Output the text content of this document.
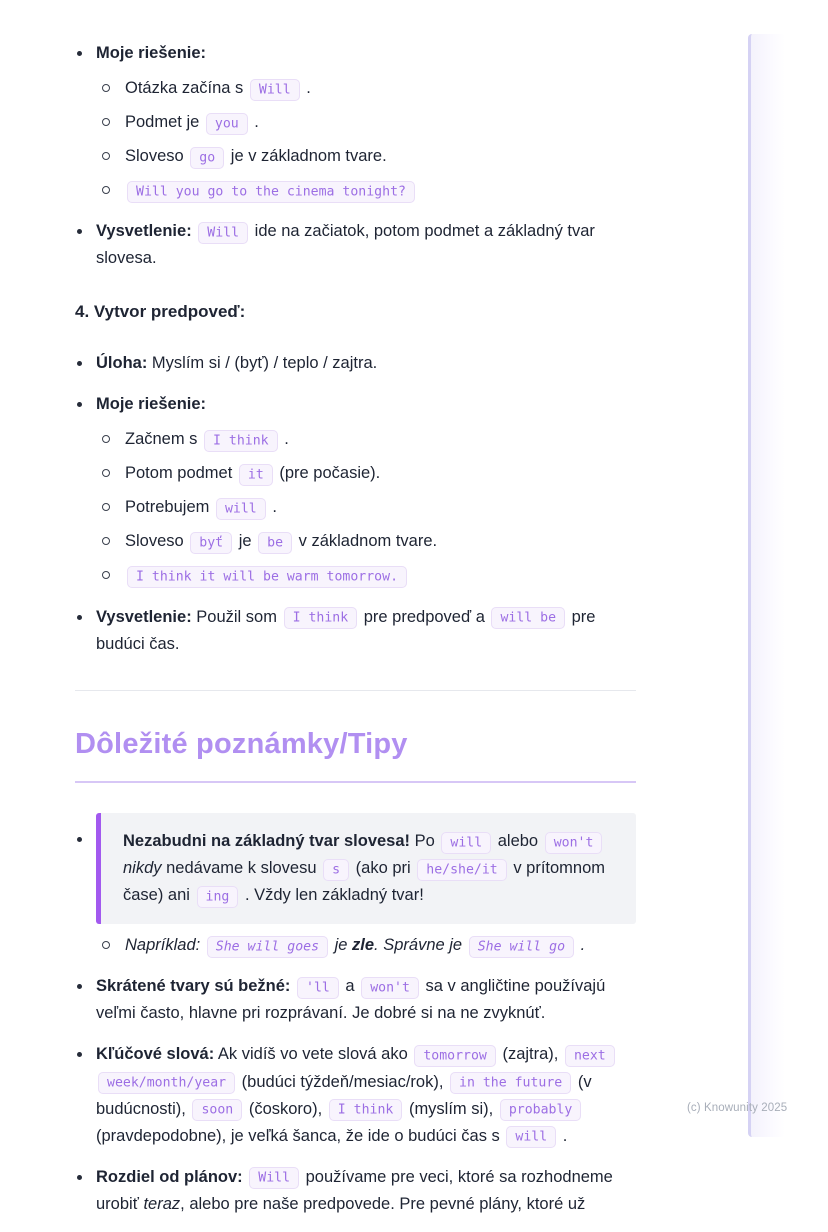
Moje riešenie:
Otázka začína s Will .
Podmet je you .
Sloveso go je v základnom tvare.
Will you go to the cinema tonight?
Vysvetlenie: Will ide na začiatok, potom podmet a základný tvar slovesa.
4. Vytvor predpoveď:
Úloha: Myslím si / (byť) / teplo / zajtra.
Moje riešenie:
Začnem s I think .
Potom podmet it (pre počasie).
Potrebujem will .
Sloveso byť je be v základnom tvare.
I think it will be warm tomorrow.
Vysvetlenie: Použil som I think pre predpoveď a will be pre budúci čas.
Dôležité poznámky/Tipy

Nezabudni na základný tvar slovesa! Po will alebo won't nikdy nedávame k slovesu s (ako pri he/she/it v prítomnom čase) ani ing . Vždy len základný tvar!

Napríklad: She will goes je zle. Správne je She will go .
Skrátené tvary sú bežné: 'll a won't sa v angličtine používajú veľmi často, hlavne pri rozprávaní. Je dobré si na ne zvyknúť.
Kľúčové slová: Ak vidíš vo vete slová ako tomorrow (zajtra), next week/month/year (budúci týždeň/mesiac/rok), in the future (v budúcnosti), soon (čoskoro), I think (myslím si), probably (pravdepodobne), je veľká šanca, že ide o budúci čas s will .
Rozdiel od plánov: Will používame pre veci, ktoré sa rozhodneme urobiť teraz, alebo pre naše predpovede. Pre pevné plány, ktoré už
(c) Knowunity 2025
